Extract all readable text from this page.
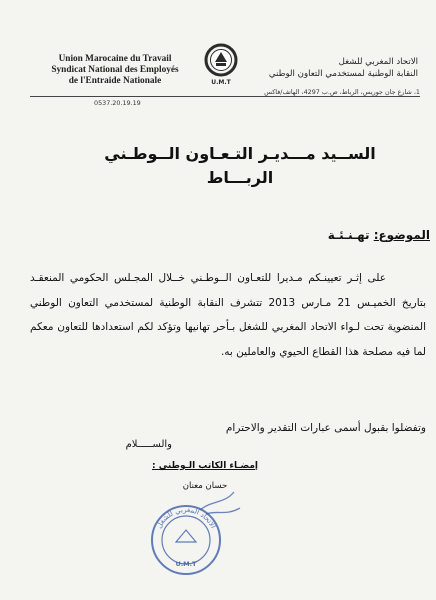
Union Marocaine du Travail
Syndicat National des Employés
de l'Entraide Nationale	U.M.T
الاتحاد المغربي للشغل
النقابة الوطنية لمستخدمي التعاون الوطني
1، شارع جان جوريس، الرباط، ص.ب 4297، الهاتف/فاكس
0537.20.19.19
الســيد مـــديـر التـعـاون الــوطـني
الربـــاط
الموضوع: تهـنـئـة

على إثـر تعيينـكم مـديرا للتعـاون الــوطـني خــلال المجـلس الحكومي المنعقـد بتاريخ الخميـس 21 مـارس 2013 تتشرف النقابة الوطنية لمستخدمي التعاون الوطني المنضوية تحت لـواء الاتحاد المغربي للشغل بـأحر تهانيها وتؤكد لكم استعدادها للتعاون معكم لما فيه مصلحة هذا القطاع الحيوي والعاملين به.

وتفضلوا بقبول أسمى عبارات التقدير والاحترام
والســـــلام
الاتحاد المغربي للشغل
U.M.T
إمضـاء الكاتب الـوطني :
حسان معنان
